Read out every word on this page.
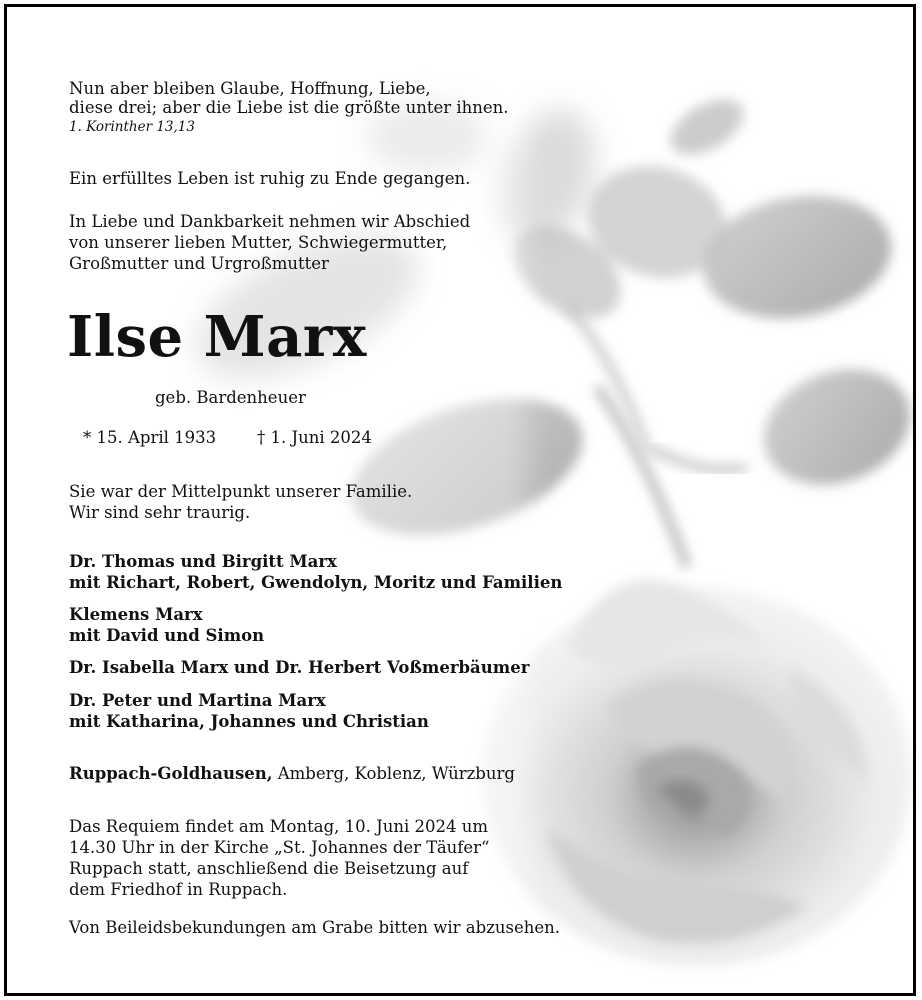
Nun aber bleiben Glaube, Hoffnung, Liebe,
diese drei; aber die Liebe ist die größte unter ihnen.
1. Korinther 13,13
Ein erfülltes Leben ist ruhig zu Ende gegangen.
In Liebe und Dankbarkeit nehmen wir Abschied
von unserer lieben Mutter, Schwiegermutter,
Großmutter und Urgroßmutter
Ilse Marx
geb. Bardenheuer
* 15. April 1933 † 1. Juni 2024
Sie war der Mittelpunkt unserer Familie.
Wir sind sehr traurig.
Dr. Thomas und Birgitt Marx
mit Richart, Robert, Gwendolyn, Moritz und Familien
Klemens Marx
mit David und Simon
Dr. Isabella Marx und Dr. Herbert Voßmerbäumer
Dr. Peter und Martina Marx
mit Katharina, Johannes und Christian
Ruppach-Goldhausen, Amberg, Koblenz, Würzburg
Das Requiem findet am Montag, 10. Juni 2024 um
14.30 Uhr in der Kirche „St. Johannes der Täufer“
Ruppach statt, anschließend die Beisetzung auf
dem Friedhof in Ruppach.
Von Beileidsbekundungen am Grabe bitten wir abzusehen.
